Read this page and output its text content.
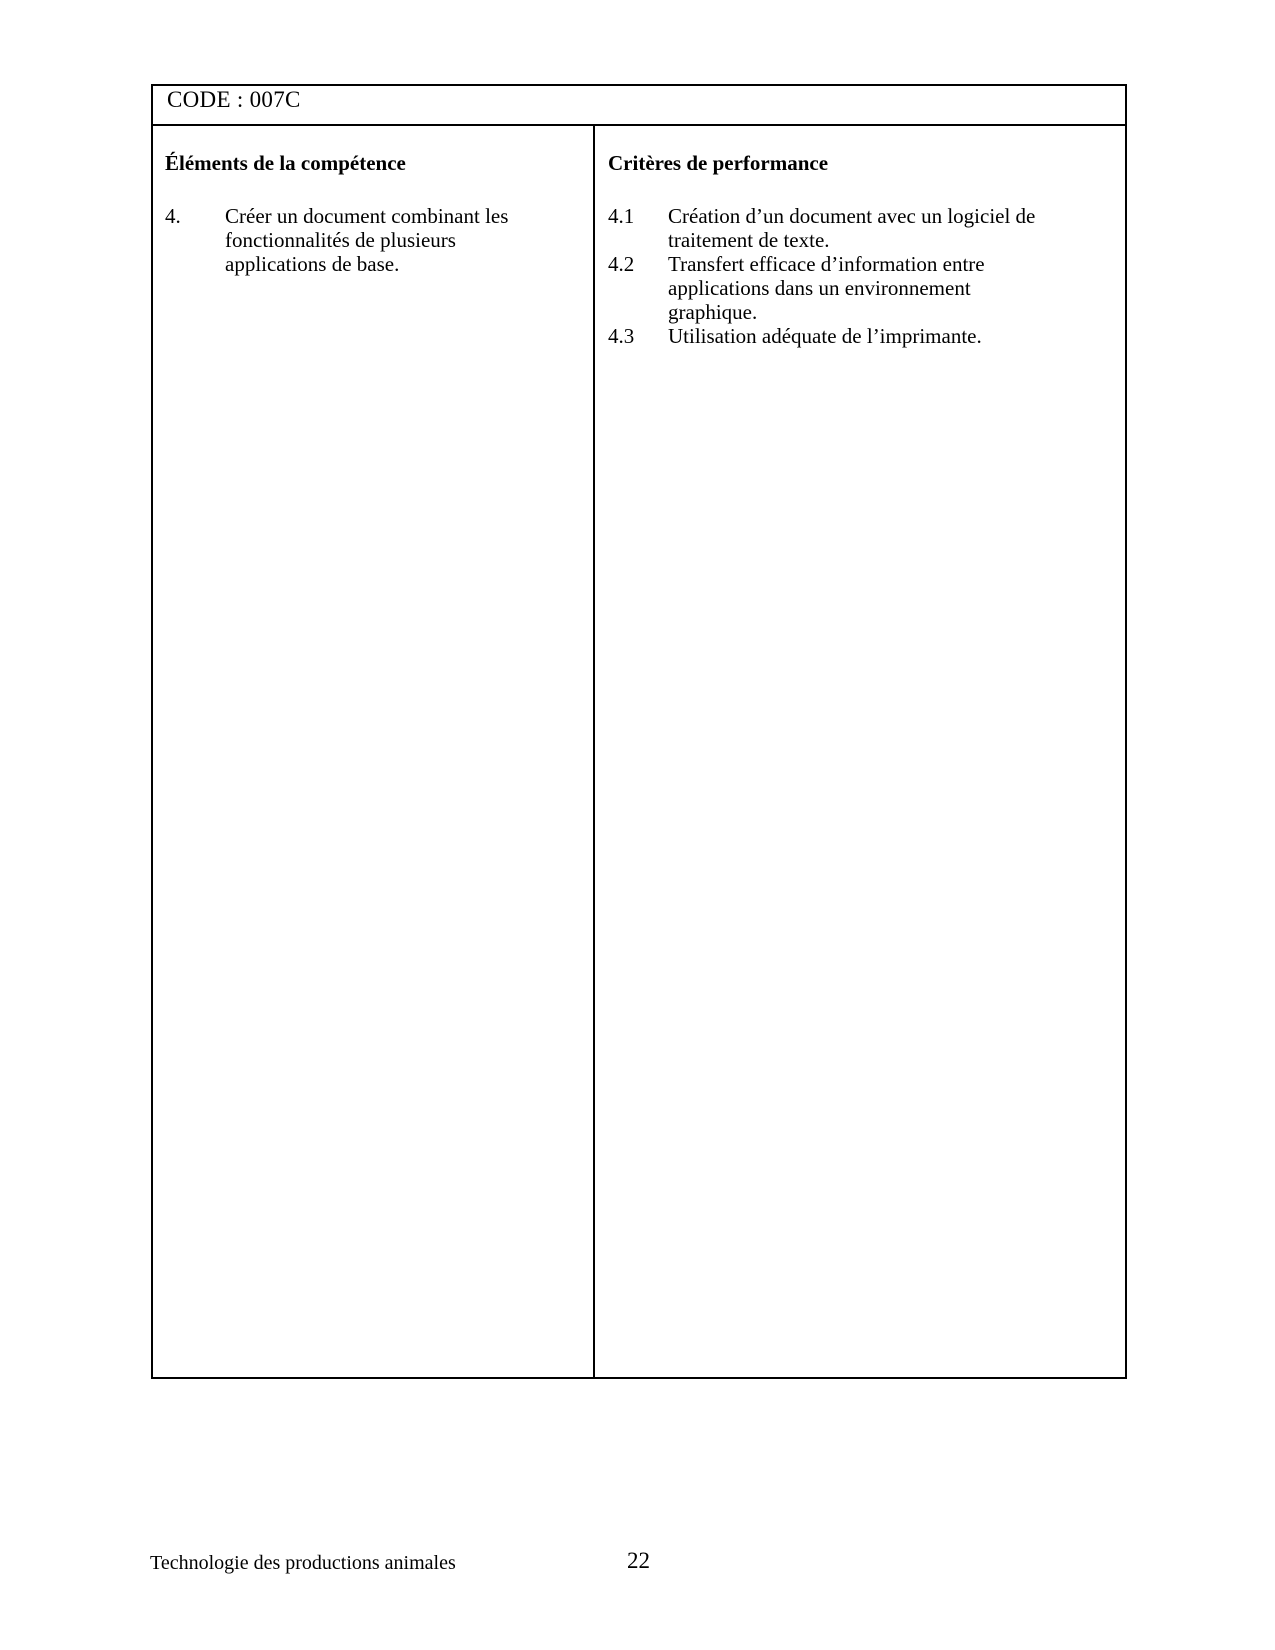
CODE : 007C
Éléments de la compétence
4.	Créer un document combinant les
fonctionnalités de plusieurs
applications de base.
Critères de performance
4.1	Création d’un document avec un logiciel de
traitement de texte.
4.2	Transfert efficace d’information entre
applications dans un environnement
graphique.
4.3	Utilisation adéquate de l’imprimante.
Technologie des productions animales	22
